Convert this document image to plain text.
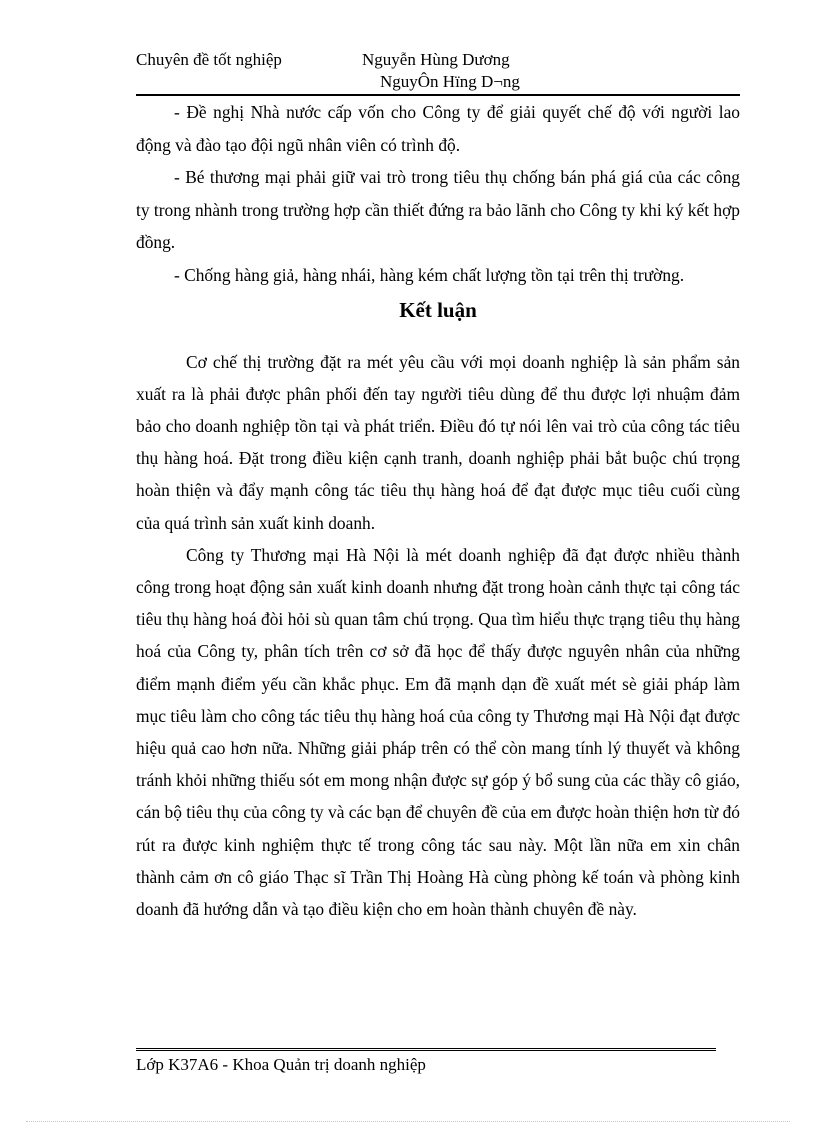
Chuyên đề tốt nghiệp	Nguyễn Hùng Dương
NguyÔn Hïng D¬ng

- Đề nghị Nhà nước cấp vốn cho Công ty để giải quyết chế độ với người lao động và đào tạo đội ngũ nhân viên có trình độ.

- Bé thương mại phải giữ vai trò trong tiêu thụ chống bán phá giá của các công ty trong nhành trong trường hợp cần thiết đứng ra bảo lãnh cho Công ty khi ký kết hợp đồng.

- Chống hàng giả, hàng nhái, hàng kém chất lượng tồn tại trên thị trường.

Kết luận

Cơ chế thị trường đặt ra mét yêu cầu với mọi doanh nghiệp là sản phẩm sản xuất ra là phải được phân phối đến tay người tiêu dùng để thu được lợi nhuậm đảm bảo cho doanh nghiệp tồn tại và phát triển. Điều đó tự nói lên vai trò của công tác tiêu thụ hàng hoá. Đặt trong điều kiện cạnh tranh, doanh nghiệp phải bắt buộc chú trọng hoàn thiện và đẩy mạnh công tác tiêu thụ hàng hoá để đạt được mục tiêu cuối cùng của quá trình sản xuất kinh doanh.

Công ty Thương mại Hà Nội là mét doanh nghiệp đã đạt được nhiều thành công trong hoạt động sản xuất kinh doanh nhưng đặt trong hoàn cảnh thực tại công tác tiêu thụ hàng hoá đòi hỏi sù quan tâm chú trọng. Qua tìm hiểu thực trạng tiêu thụ hàng hoá của Công ty, phân tích trên cơ sở đã học để thấy được nguyên nhân của những điểm mạnh điểm yếu cần khắc phục. Em đã mạnh dạn đề xuất mét sè giải pháp làm mục tiêu làm cho công tác tiêu thụ hàng hoá của công ty Thương mại Hà Nội đạt được hiệu quả cao hơn nữa. Những giải pháp trên có thể còn mang tính lý thuyết và không tránh khỏi những thiếu sót em mong nhận được sự góp ý bổ sung của các thầy cô giáo, cán bộ tiêu thụ của công ty và các bạn để chuyên đề của em được hoàn thiện hơn từ đó rút ra được kinh nghiệm thực tế trong công tác sau này. Một lần nữa em xin chân thành cảm ơn cô giáo Thạc sĩ Trần Thị Hoàng Hà cùng phòng kế toán và phòng kinh doanh đã hướng dẫn và tạo điều kiện cho em hoàn thành chuyên đề này.

Lớp K37A6 - Khoa Quản trị doanh nghiệp
